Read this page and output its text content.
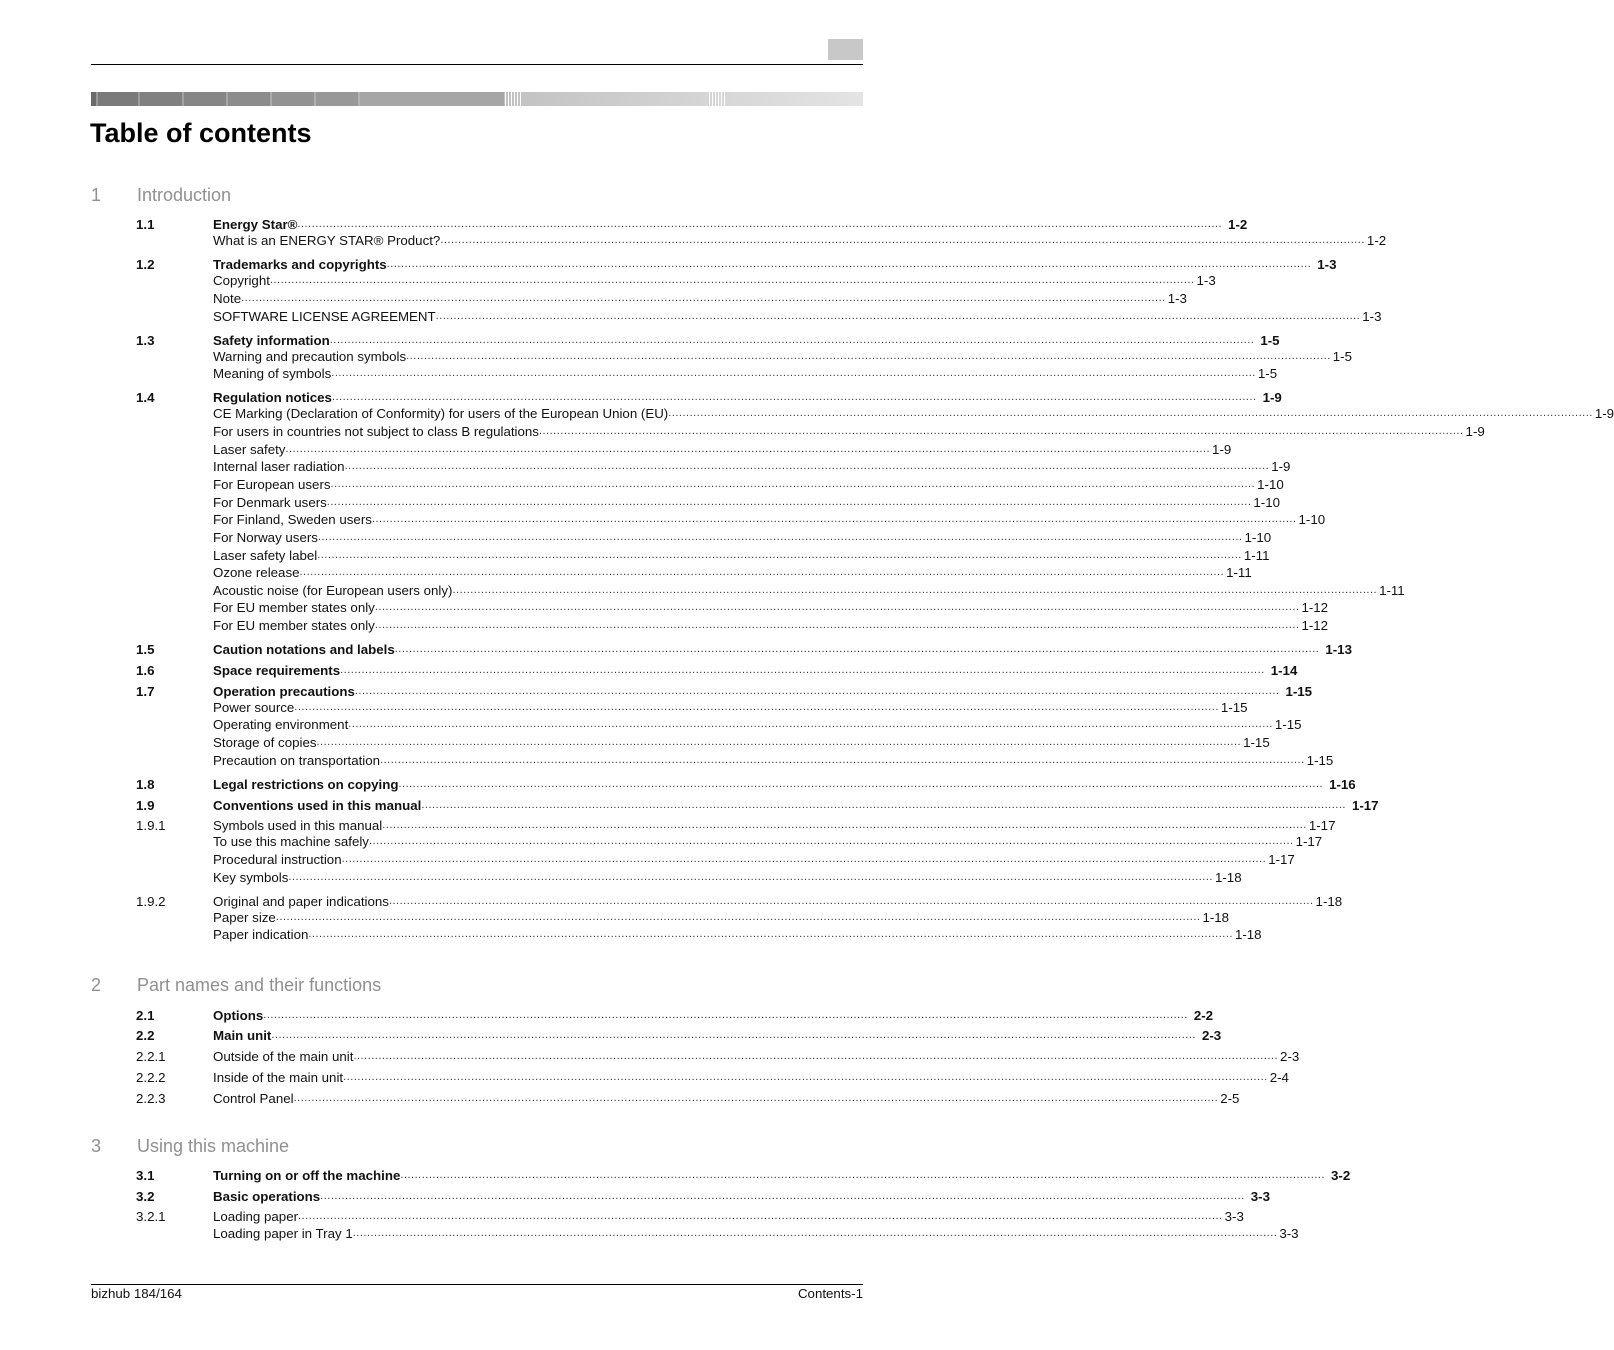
Table of contents
1 Introduction
2 Part names and their functions
3 Using this machine
1.1	Energy Star® .................................................................................................................................................................................................................................................................... 1-2
What is an ENERGY STAR® Product? .................................................................................................................................................................................................................................................................... 1-2
1.2	Trademarks and copyrights .................................................................................................................................................................................................................................................................... 1-3
Copyright .................................................................................................................................................................................................................................................................... 1-3
Note .................................................................................................................................................................................................................................................................... 1-3
SOFTWARE LICENSE AGREEMENT .................................................................................................................................................................................................................................................................... 1-3
1.3	Safety information .................................................................................................................................................................................................................................................................... 1-5
Warning and precaution symbols .................................................................................................................................................................................................................................................................... 1-5
Meaning of symbols .................................................................................................................................................................................................................................................................... 1-5
1.4	Regulation notices .................................................................................................................................................................................................................................................................... 1-9
CE Marking (Declaration of Conformity) for users of the European Union (EU) .................................................................................................................................................................................................................................................................... 1-9
For users in countries not subject to class B regulations .................................................................................................................................................................................................................................................................... 1-9
Laser safety .................................................................................................................................................................................................................................................................... 1-9
Internal laser radiation .................................................................................................................................................................................................................................................................... 1-9
For European users .................................................................................................................................................................................................................................................................... 1-10
For Denmark users .................................................................................................................................................................................................................................................................... 1-10
For Finland, Sweden users .................................................................................................................................................................................................................................................................... 1-10
For Norway users .................................................................................................................................................................................................................................................................... 1-10
Laser safety label .................................................................................................................................................................................................................................................................... 1-11
Ozone release .................................................................................................................................................................................................................................................................... 1-11
Acoustic noise (for European users only) .................................................................................................................................................................................................................................................................... 1-11
For EU member states only .................................................................................................................................................................................................................................................................... 1-12
For EU member states only .................................................................................................................................................................................................................................................................... 1-12
1.5	Caution notations and labels .................................................................................................................................................................................................................................................................... 1-13
1.6	Space requirements .................................................................................................................................................................................................................................................................... 1-14
1.7	Operation precautions .................................................................................................................................................................................................................................................................... 1-15
Power source .................................................................................................................................................................................................................................................................... 1-15
Operating environment .................................................................................................................................................................................................................................................................... 1-15
Storage of copies .................................................................................................................................................................................................................................................................... 1-15
Precaution on transportation .................................................................................................................................................................................................................................................................... 1-15
1.8	Legal restrictions on copying .................................................................................................................................................................................................................................................................... 1-16
1.9	Conventions used in this manual .................................................................................................................................................................................................................................................................... 1-17
1.9.1	Symbols used in this manual .................................................................................................................................................................................................................................................................... 1-17
To use this machine safely .................................................................................................................................................................................................................................................................... 1-17
Procedural instruction .................................................................................................................................................................................................................................................................... 1-17
Key symbols .................................................................................................................................................................................................................................................................... 1-18
1.9.2	Original and paper indications .................................................................................................................................................................................................................................................................... 1-18
Paper size .................................................................................................................................................................................................................................................................... 1-18
Paper indication .................................................................................................................................................................................................................................................................... 1-18
2.1	Options .................................................................................................................................................................................................................................................................... 2-2
2.2	Main unit .................................................................................................................................................................................................................................................................... 2-3
2.2.1	Outside of the main unit .................................................................................................................................................................................................................................................................... 2-3
2.2.2	Inside of the main unit .................................................................................................................................................................................................................................................................... 2-4
2.2.3	Control Panel .................................................................................................................................................................................................................................................................... 2-5
3.1	Turning on or off the machine .................................................................................................................................................................................................................................................................... 3-2
3.2	Basic operations .................................................................................................................................................................................................................................................................... 3-3
3.2.1	Loading paper .................................................................................................................................................................................................................................................................... 3-3
Loading paper in Tray 1 .................................................................................................................................................................................................................................................................... 3-3
bizhub 184/164	Contents-1
